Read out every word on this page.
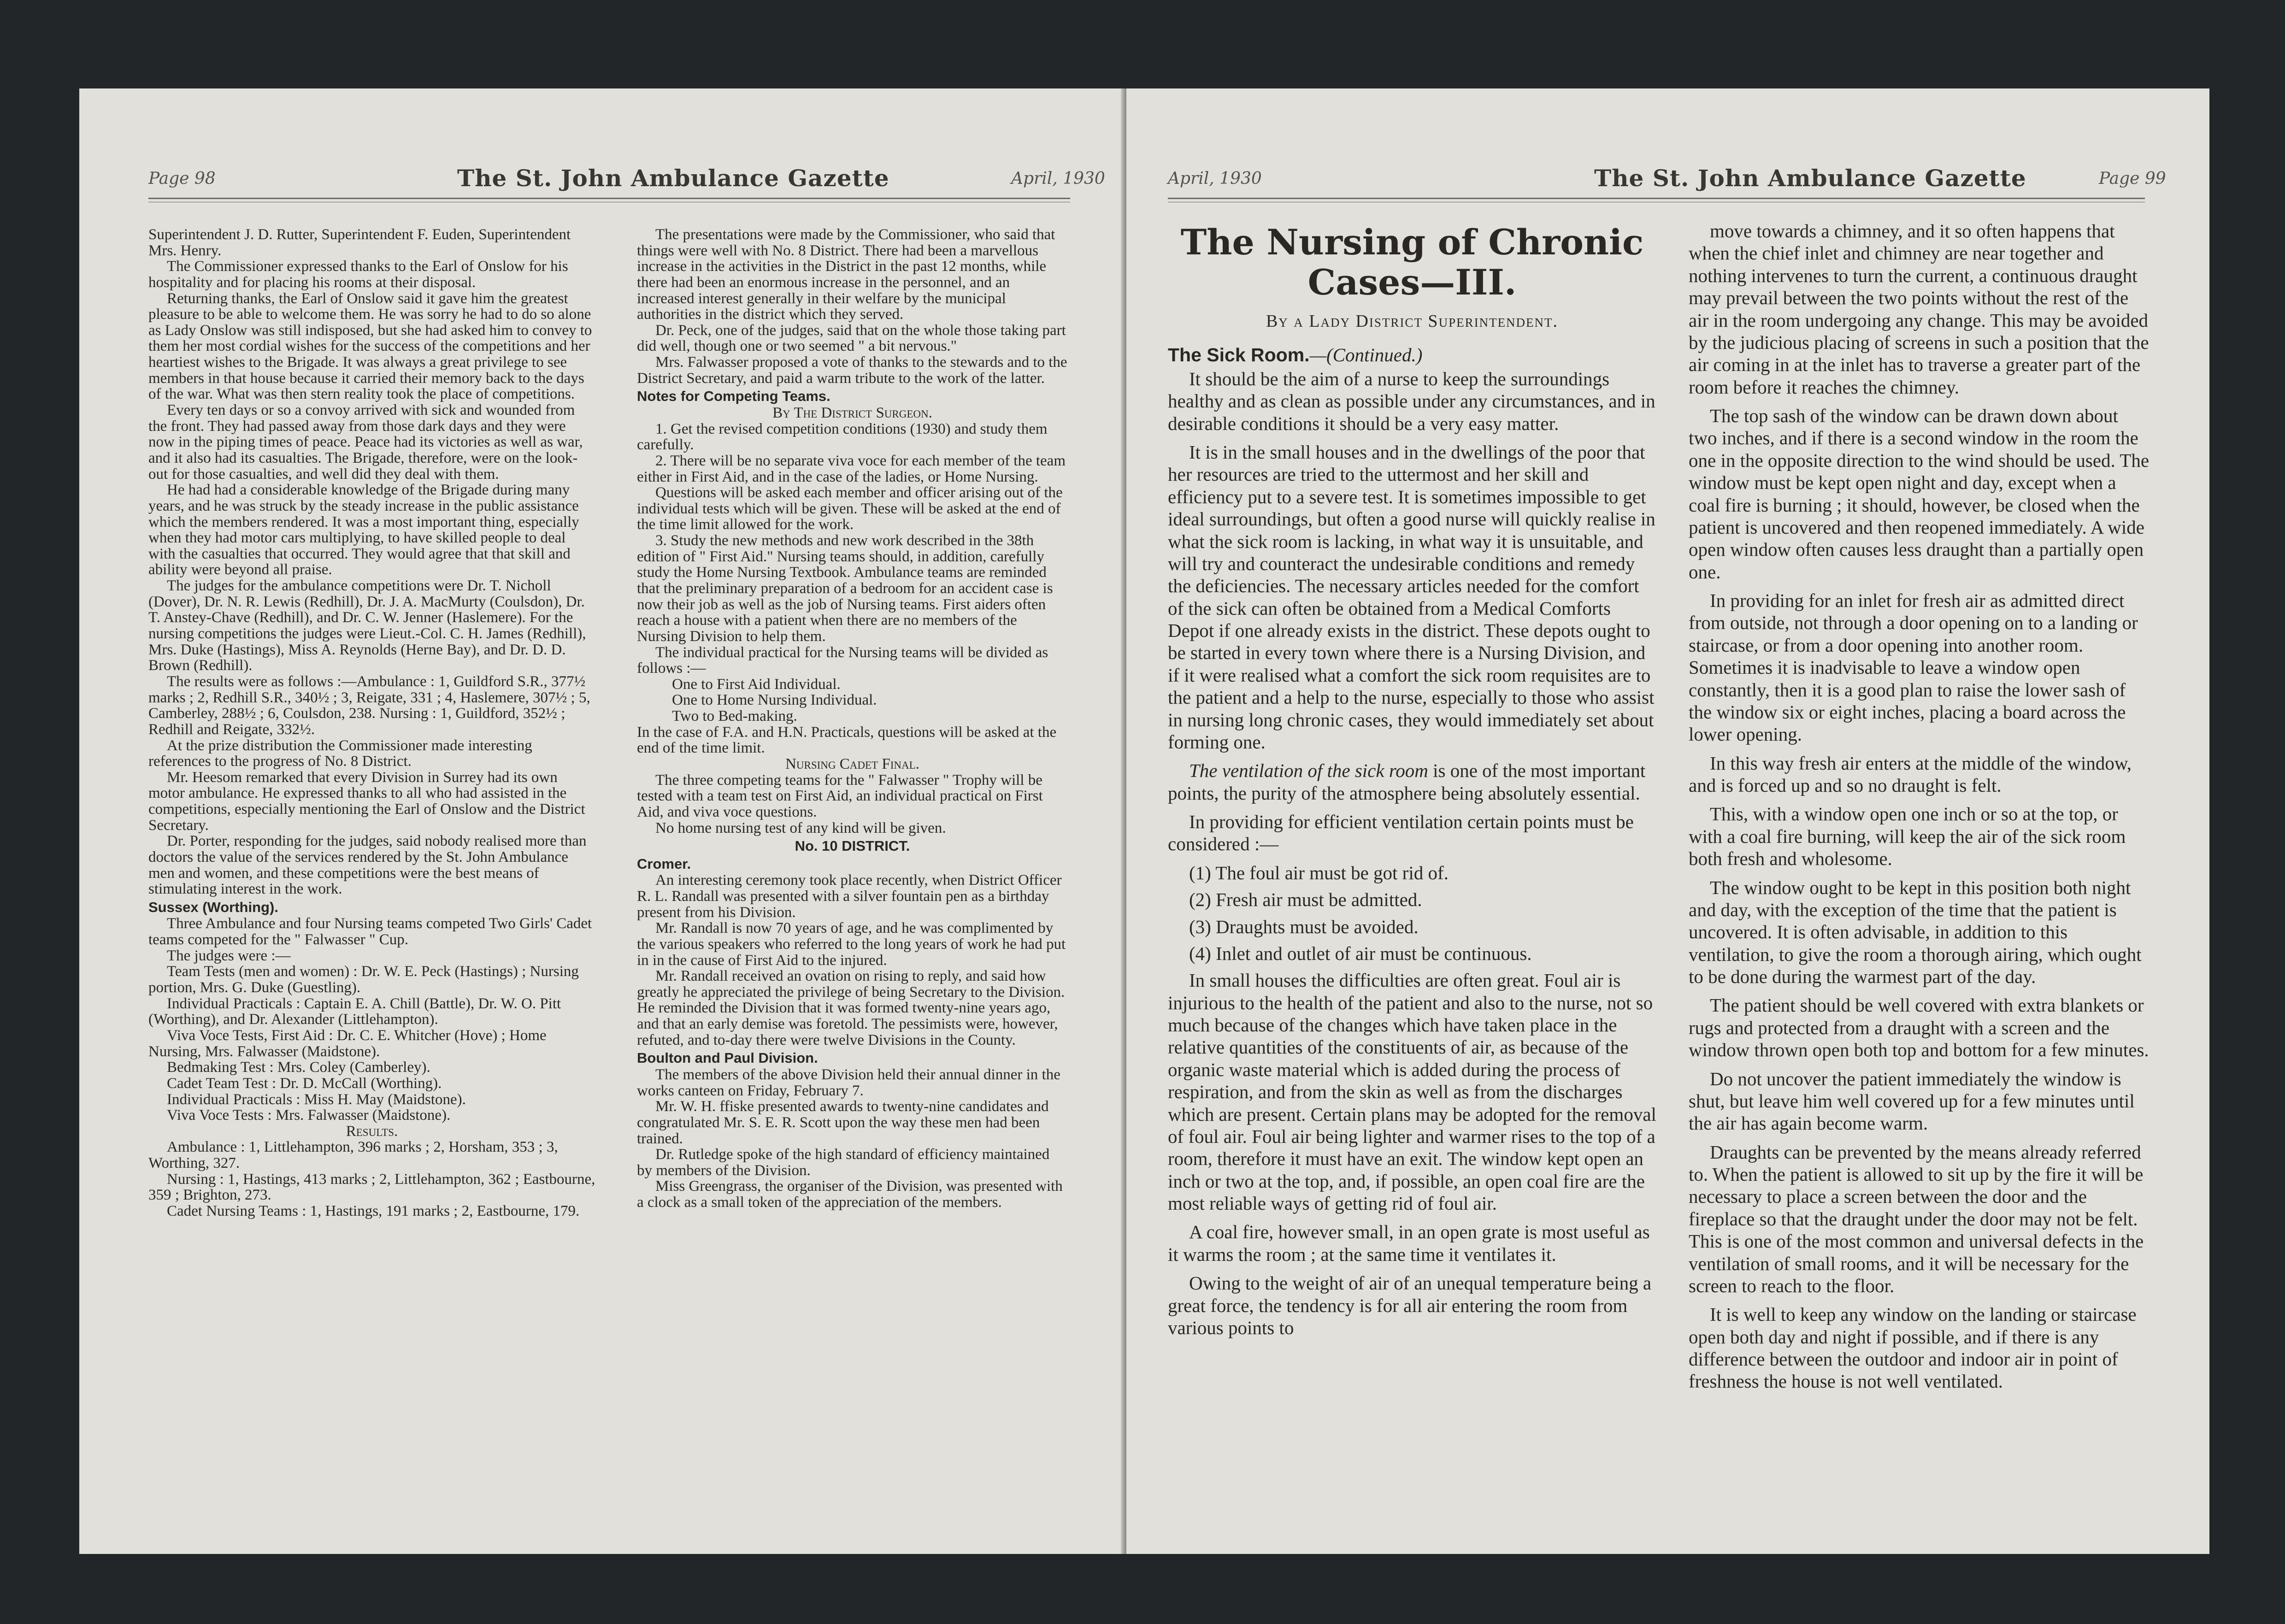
Page 98	The St. John Ambulance Gazette	April, 1930

Superintendent J. D. Rutter, Superintendent F. Euden, Superintendent Mrs. Henry.

The Commissioner expressed thanks to the Earl of Onslow for his hospitality and for placing his rooms at their disposal.

Returning thanks, the Earl of Onslow said it gave him the greatest pleasure to be able to welcome them. He was sorry he had to do so alone as Lady Onslow was still indisposed, but she had asked him to convey to them her most cordial wishes for the success of the competitions and her heartiest wishes to the Brigade. It was always a great privilege to see members in that house because it carried their memory back to the days of the war. What was then stern reality took the place of competitions.

Every ten days or so a convoy arrived with sick and wounded from the front. They had passed away from those dark days and they were now in the piping times of peace. Peace had its victories as well as war, and it also had its casualties. The Brigade, therefore, were on the look-out for those casualties, and well did they deal with them.

He had had a considerable knowledge of the Brigade during many years, and he was struck by the steady increase in the public assistance which the members rendered. It was a most important thing, especially when they had motor cars multiplying, to have skilled people to deal with the casualties that occurred. They would agree that that skill and ability were beyond all praise.

The judges for the ambulance competitions were Dr. T. Nicholl (Dover), Dr. N. R. Lewis (Redhill), Dr. J. A. MacMurty (Coulsdon), Dr. T. Anstey-Chave (Redhill), and Dr. C. W. Jenner (Haslemere). For the nursing competitions the judges were Lieut.-Col. C. H. James (Redhill), Mrs. Duke (Hastings), Miss A. Reynolds (Herne Bay), and Dr. D. D. Brown (Redhill).

The results were as follows :—Ambulance : 1, Guildford S.R., 377½ marks ; 2, Redhill S.R., 340½ ; 3, Reigate, 331 ; 4, Haslemere, 307½ ; 5, Camberley, 288½ ; 6, Coulsdon, 238. Nursing : 1, Guildford, 352½ ; Redhill and Reigate, 332½.

At the prize distribution the Commissioner made interesting references to the progress of No. 8 District.

Mr. Heesom remarked that every Division in Surrey had its own motor ambulance. He expressed thanks to all who had assisted in the competitions, especially mentioning the Earl of Onslow and the District Secretary.

Dr. Porter, responding for the judges, said nobody realised more than doctors the value of the services rendered by the St. John Ambulance men and women, and these competitions were the best means of stimulating interest in the work.

Sussex (Worthing).

Three Ambulance and four Nursing teams competed Two Girls' Cadet teams competed for the " Falwasser " Cup.

The judges were :—

Team Tests (men and women) : Dr. W. E. Peck (Hastings) ; Nursing portion, Mrs. G. Duke (Guestling).

Individual Practicals : Captain E. A. Chill (Battle), Dr. W. O. Pitt (Worthing), and Dr. Alexander (Littlehampton).

Viva Voce Tests, First Aid : Dr. C. E. Whitcher (Hove) ; Home Nursing, Mrs. Falwasser (Maidstone).

Bedmaking Test : Mrs. Coley (Camberley).

Cadet Team Test : Dr. D. McCall (Worthing).

Individual Practicals : Miss H. May (Maidstone).

Viva Voce Tests : Mrs. Falwasser (Maidstone).

Results.

Ambulance : 1, Littlehampton, 396 marks ; 2, Horsham, 353 ; 3, Worthing, 327.

Nursing : 1, Hastings, 413 marks ; 2, Littlehampton, 362 ; Eastbourne, 359 ; Brighton, 273.

Cadet Nursing Teams : 1, Hastings, 191 marks ; 2, Eastbourne, 179.

The presentations were made by the Commissioner, who said that things were well with No. 8 District. There had been a marvellous increase in the activities in the District in the past 12 months, while there had been an enormous increase in the personnel, and an increased interest generally in their welfare by the municipal authorities in the district which they served.

Dr. Peck, one of the judges, said that on the whole those taking part did well, though one or two seemed " a bit nervous."

Mrs. Falwasser proposed a vote of thanks to the stewards and to the District Secretary, and paid a warm tribute to the work of the latter.

Notes for Competing Teams.

By The District Surgeon.

1. Get the revised competition conditions (1930) and study them carefully.

2. There will be no separate viva voce for each member of the team either in First Aid, and in the case of the ladies, or Home Nursing.

Questions will be asked each member and officer arising out of the individual tests which will be given. These will be asked at the end of the time limit allowed for the work.

3. Study the new methods and new work described in the 38th edition of " First Aid." Nursing teams should, in addition, carefully study the Home Nursing Textbook. Ambulance teams are reminded that the preliminary preparation of a bedroom for an accident case is now their job as well as the job of Nursing teams. First aiders often reach a house with a patient when there are no members of the Nursing Division to help them.

The individual practical for the Nursing teams will be divided as follows :—

One to First Aid Individual.

One to Home Nursing Individual.

Two to Bed-making.

In the case of F.A. and H.N. Practicals, questions will be asked at the end of the time limit.

Nursing Cadet Final.

The three competing teams for the " Falwasser " Trophy will be tested with a team test on First Aid, an individual practical on First Aid, and viva voce questions.

No home nursing test of any kind will be given.

No. 10 DISTRICT.

Cromer.

An interesting ceremony took place recently, when District Officer R. L. Randall was presented with a silver fountain pen as a birthday present from his Division.

Mr. Randall is now 70 years of age, and he was complimented by the various speakers who referred to the long years of work he had put in in the cause of First Aid to the injured.

Mr. Randall received an ovation on rising to reply, and said how greatly he appreciated the privilege of being Secretary to the Division. He reminded the Division that it was formed twenty-nine years ago, and that an early demise was foretold. The pessimists were, however, refuted, and to-day there were twelve Divisions in the County.

Boulton and Paul Division.

The members of the above Division held their annual dinner in the works canteen on Friday, February 7.

Mr. W. H. ffiske presented awards to twenty-nine candidates and congratulated Mr. S. E. R. Scott upon the way these men had been trained.

Dr. Rutledge spoke of the high standard of efficiency maintained by members of the Division.

Miss Greengrass, the organiser of the Division, was presented with a clock as a small token of the appreciation of the members.

April, 1930	The St. John Ambulance Gazette	Page 99
The Nursing of Chronic
Cases—III.
By a Lady District Superintendent.
The Sick Room.—(Continued.)

It should be the aim of a nurse to keep the surroundings healthy and as clean as possible under any circumstances, and in desirable conditions it should be a very easy matter.

It is in the small houses and in the dwellings of the poor that her resources are tried to the uttermost and her skill and efficiency put to a severe test. It is sometimes impossible to get ideal surroundings, but often a good nurse will quickly realise in what the sick room is lacking, in what way it is unsuitable, and will try and counteract the undesirable conditions and remedy the deficiencies. The necessary articles needed for the comfort of the sick can often be obtained from a Medical Comforts Depot if one already exists in the district. These depots ought to be started in every town where there is a Nursing Division, and if it were realised what a comfort the sick room requisites are to the patient and a help to the nurse, especially to those who assist in nursing long chronic cases, they would immediately set about forming one.

The ventilation of the sick room is one of the most important points, the purity of the atmosphere being absolutely essential.

In providing for efficient ventilation certain points must be considered :—

(1) The foul air must be got rid of.

(2) Fresh air must be admitted.

(3) Draughts must be avoided.

(4) Inlet and outlet of air must be continuous.

In small houses the difficulties are often great. Foul air is injurious to the health of the patient and also to the nurse, not so much because of the changes which have taken place in the relative quantities of the constituents of air, as because of the organic waste material which is added during the process of respiration, and from the skin as well as from the discharges which are present. Certain plans may be adopted for the removal of foul air. Foul air being lighter and warmer rises to the top of a room, therefore it must have an exit. The window kept open an inch or two at the top, and, if possible, an open coal fire are the most reliable ways of getting rid of foul air.

A coal fire, however small, in an open grate is most useful as it warms the room ; at the same time it ventilates it.

Owing to the weight of air of an unequal temperature being a great force, the tendency is for all air entering the room from various points to

move towards a chimney, and it so often happens that when the chief inlet and chimney are near together and nothing intervenes to turn the current, a continuous draught may prevail between the two points without the rest of the air in the room undergoing any change. This may be avoided by the judicious placing of screens in such a position that the air coming in at the inlet has to traverse a greater part of the room before it reaches the chimney.

The top sash of the window can be drawn down about two inches, and if there is a second window in the room the one in the opposite direction to the wind should be used. The window must be kept open night and day, except when a coal fire is burning ; it should, however, be closed when the patient is uncovered and then reopened immediately. A wide open window often causes less draught than a partially open one.

In providing for an inlet for fresh air as admitted direct from outside, not through a door opening on to a landing or staircase, or from a door opening into another room. Sometimes it is inadvisable to leave a window open constantly, then it is a good plan to raise the lower sash of the window six or eight inches, placing a board across the lower opening.

In this way fresh air enters at the middle of the window, and is forced up and so no draught is felt.

This, with a window open one inch or so at the top, or with a coal fire burning, will keep the air of the sick room both fresh and wholesome.

The window ought to be kept in this position both night and day, with the exception of the time that the patient is uncovered. It is often advisable, in addition to this ventilation, to give the room a thorough airing, which ought to be done during the warmest part of the day.

The patient should be well covered with extra blankets or rugs and protected from a draught with a screen and the window thrown open both top and bottom for a few minutes.

Do not uncover the patient immediately the window is shut, but leave him well covered up for a few minutes until the air has again become warm.

Draughts can be prevented by the means already referred to. When the patient is allowed to sit up by the fire it will be necessary to place a screen between the door and the fireplace so that the draught under the door may not be felt. This is one of the most common and universal defects in the ventilation of small rooms, and it will be necessary for the screen to reach to the floor.

It is well to keep any window on the landing or staircase open both day and night if possible, and if there is any difference between the outdoor and indoor air in point of freshness the house is not well ventilated.
